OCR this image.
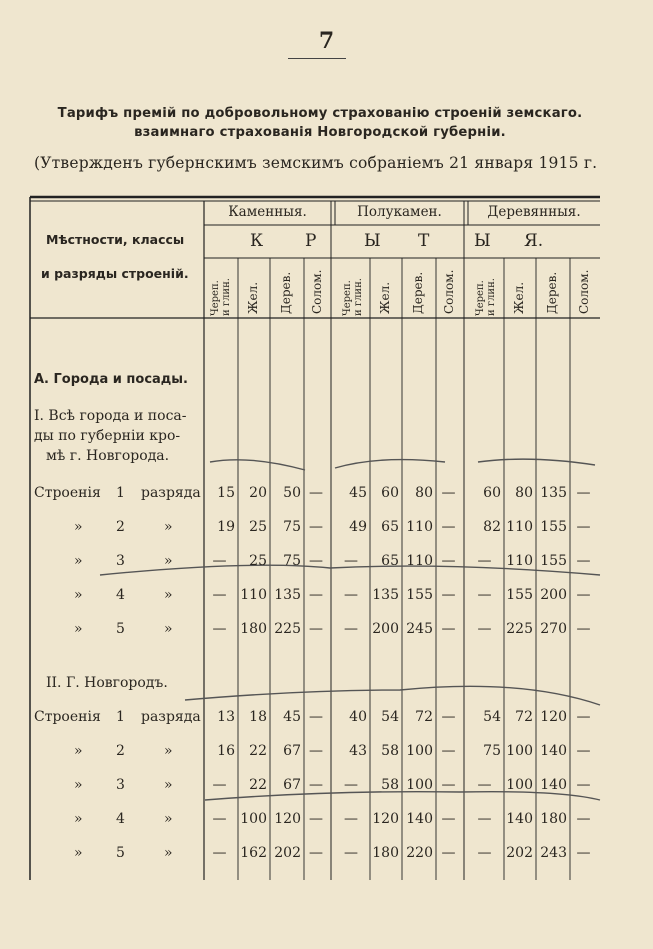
7
Тарифъ премій по добровольному страхованію строеній земскаго.
взаимнаго страхованія Новгородской губерніи.
(Утвержденъ губернскимъ земскимъ собраніемъ 21 января 1915 г.
Мѣстности, классы
и разряды строеній.
Каменныя.	Полукамен.	Деревянныя.
К Р	Ы Т	Ы Я.
Череп. и глин. Жел. Дерев. Солом. Череп. и глин. Жел. Дерев. Солом. Череп. и глин. Жел. Дерев. Солом.
А. Города и посады.
I. Всѣ города и поса-
ды по губерніи кро-
мѣ г. Новгорода.
II. Г. Новгородъ.
Строенія 1 разряда	15	20	50 —	45	60	80 —	60	80 135 —
» 2	»	19	25	75 —	49	65 110 —	82 110 155 —
» 3	»	—	25	75 —	—	65 110 —	—	110 155 —
» 4	»	— 110 135 —	—	135 155 —	—	155 200 —
» 5	»	— 180 225 —	—	200 245 —	—	225 270 —
Строенія 1 разряда	13	18	45 —	40	54	72 —	54	72 120 —
» 2	»	16	22	67 —	43	58 100 —	75 100 140 —
» 3	»	—	22	67 —	—	58 100 —	—	100 140 —
» 4	»	— 100 120 —	—	120 140 —	—	140 180 —
» 5	»	— 162 202 —	—	180 220 —	—	202 243 —
